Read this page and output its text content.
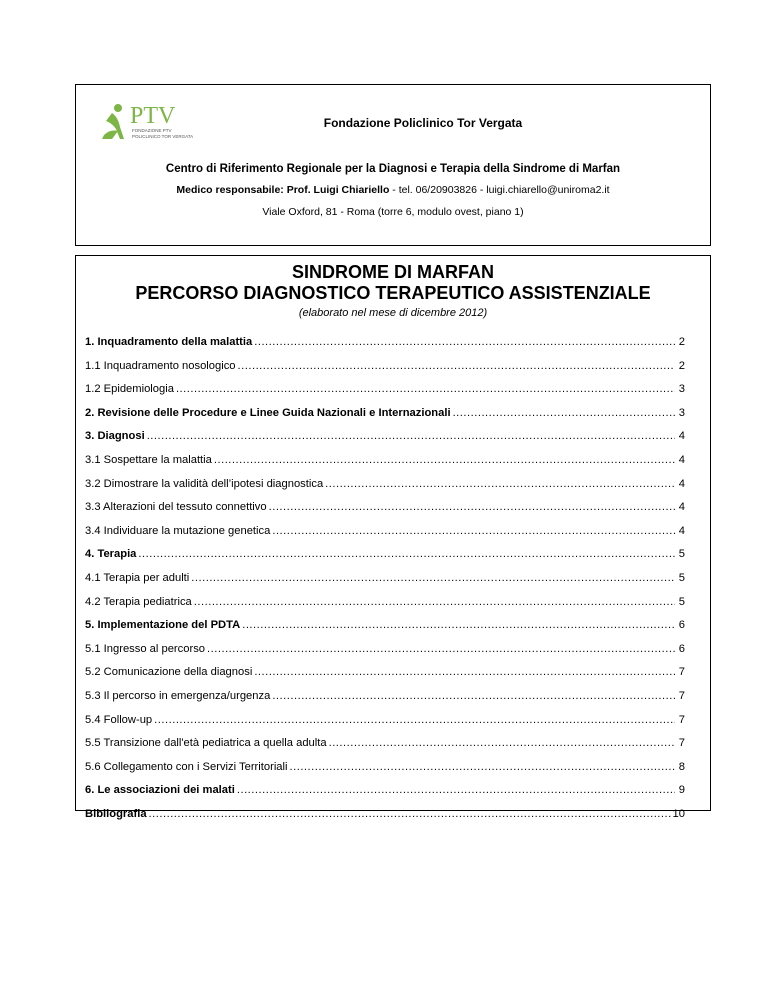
PTV
FONDAZIONE PTV
POLICLINICO TOR VERGATA
Fondazione Policlinico Tor Vergata
Centro di Riferimento Regionale per la Diagnosi e Terapia della Sindrome di Marfan
Medico responsabile: Prof. Luigi Chiariello - tel. 06/20903826 - luigi.chiarello@uniroma2.it
Viale Oxford, 81 - Roma (torre 6, modulo ovest, piano 1)
SINDROME DI MARFAN
PERCORSO DIAGNOSTICO TERAPEUTICO ASSISTENZIALE
(elaborato nel mese di dicembre 2012)
1. Inquadramento della malattia .....	2
1.1 Inquadramento nosologico .....	2
1.2 Epidemiologia .....	3
2. Revisione delle Procedure e Linee Guida Nazionali e Internazionali .....	3
3. Diagnosi .....	4
3.1 Sospettare la malattia .....	4
3.2 Dimostrare la validità dell’ipotesi diagnostica .....	4
3.3 Alterazioni del tessuto connettivo .....	4
3.4 Individuare la mutazione genetica .....	4
4. Terapia .....	5
4.1 Terapia per adulti .....	5
4.2 Terapia pediatrica .....	5
5. Implementazione del PDTA .....	6
5.1 Ingresso al percorso .....	6
5.2 Comunicazione della diagnosi .....	7
5.3 Il percorso in emergenza/urgenza .....	7
5.4 Follow-up .....	7
5.5 Transizione dall'età pediatrica a quella adulta .....	7
5.6 Collegamento con i Servizi Territoriali .....	8
6. Le associazioni dei malati .....	9
Bibliografia .....	10
